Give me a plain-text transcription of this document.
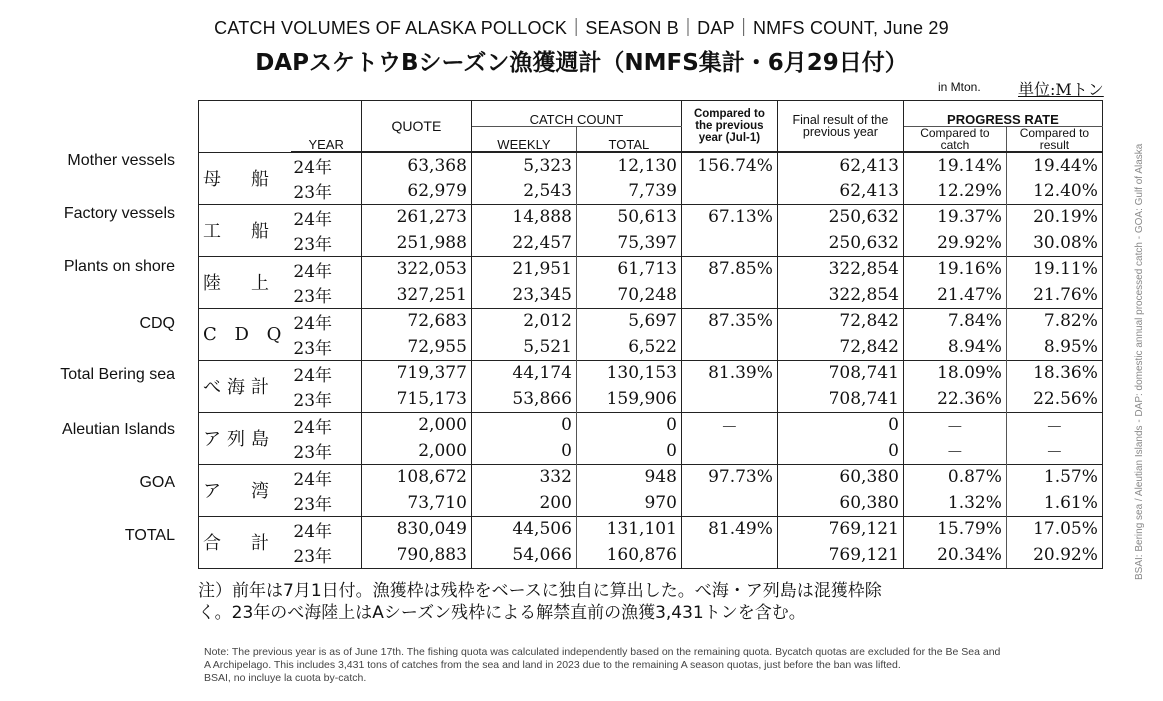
CATCH VOLUMES OF ALASKA POLLOCK｜SEASON B｜DAP｜NMFS COUNT, June 29
DAPスケトウBシーズン漁獲週計（NMFS集計・6月29日付）
in Mton. 単位:Mトン
Mother vessels
Factory vessels
Plants on shore
CDQ
Total Bering sea
Aleutian Islands
GOA
TOTAL
	YEAR	QUOTE	CATCH COUNT		Compared to the previous year (Jul-1)	Final result of the previous year	PROGRESS RATE	
			WEEKLY	TOTAL			Compared to catch	Compared to result
母　船	24年	63,368	5,323	12,130	156.74%	62,413	19.14%	19.44%
	23年	62,979	2,543	7,739		62,413	12.29%	12.40%
工　船	24年	261,273	14,888	50,613	67.13%	250,632	19.37%	20.19%
	23年	251,988	22,457	75,397		250,632	29.92%	30.08%
陸　上	24年	322,053	21,951	61,713	87.85%	322,854	19.16%	19.11%
	23年	327,251	23,345	70,248		322,854	21.47%	21.76%
C D Q	24年	72,683	2,012	5,697	87.35%	72,842	7.84%	7.82%
	23年	72,955	5,521	6,522		72,842	8.94%	8.95%
べ海計	24年	719,377	44,174	130,153	81.39%	708,741	18.09%	18.36%
	23年	715,173	53,866	159,906		708,741	22.36%	22.56%
ア列島	24年	2,000	0	0	－	0	－	－
	23年	2,000	0	0		0	－	－
ア　湾	24年	108,672	332	948	97.73%	60,380	0.87%	1.57%
	23年	73,710	200	970		60,380	1.32%	1.61%
合　計	24年	830,049	44,506	131,101	81.49%	769,121	15.79%	17.05%
	23年	790,883	54,066	160,876		769,121	20.34%	20.92%
注）前年は7月1日付。漁獲枠は残枠をベースに独自に算出した。べ海・ア列島は混獲枠除
く。23年のべ海陸上はAシーズン残枠による解禁直前の漁獲3,431トンを含む。
Note: The previous year is as of June 17th. The fishing quota was calculated independently based on the remaining quota. Bycatch quotas are excluded for the Be Sea and
A Archipelago. This includes 3,431 tons of catches from the sea and land in 2023 due to the remaining A season quotas, just before the ban was lifted.
BSAI, no incluye la cuota by-catch.
BSAI: Bering sea / Aleutian Islands - DAP: domestic annual processed catch - GOA: Gulf of Alaska
